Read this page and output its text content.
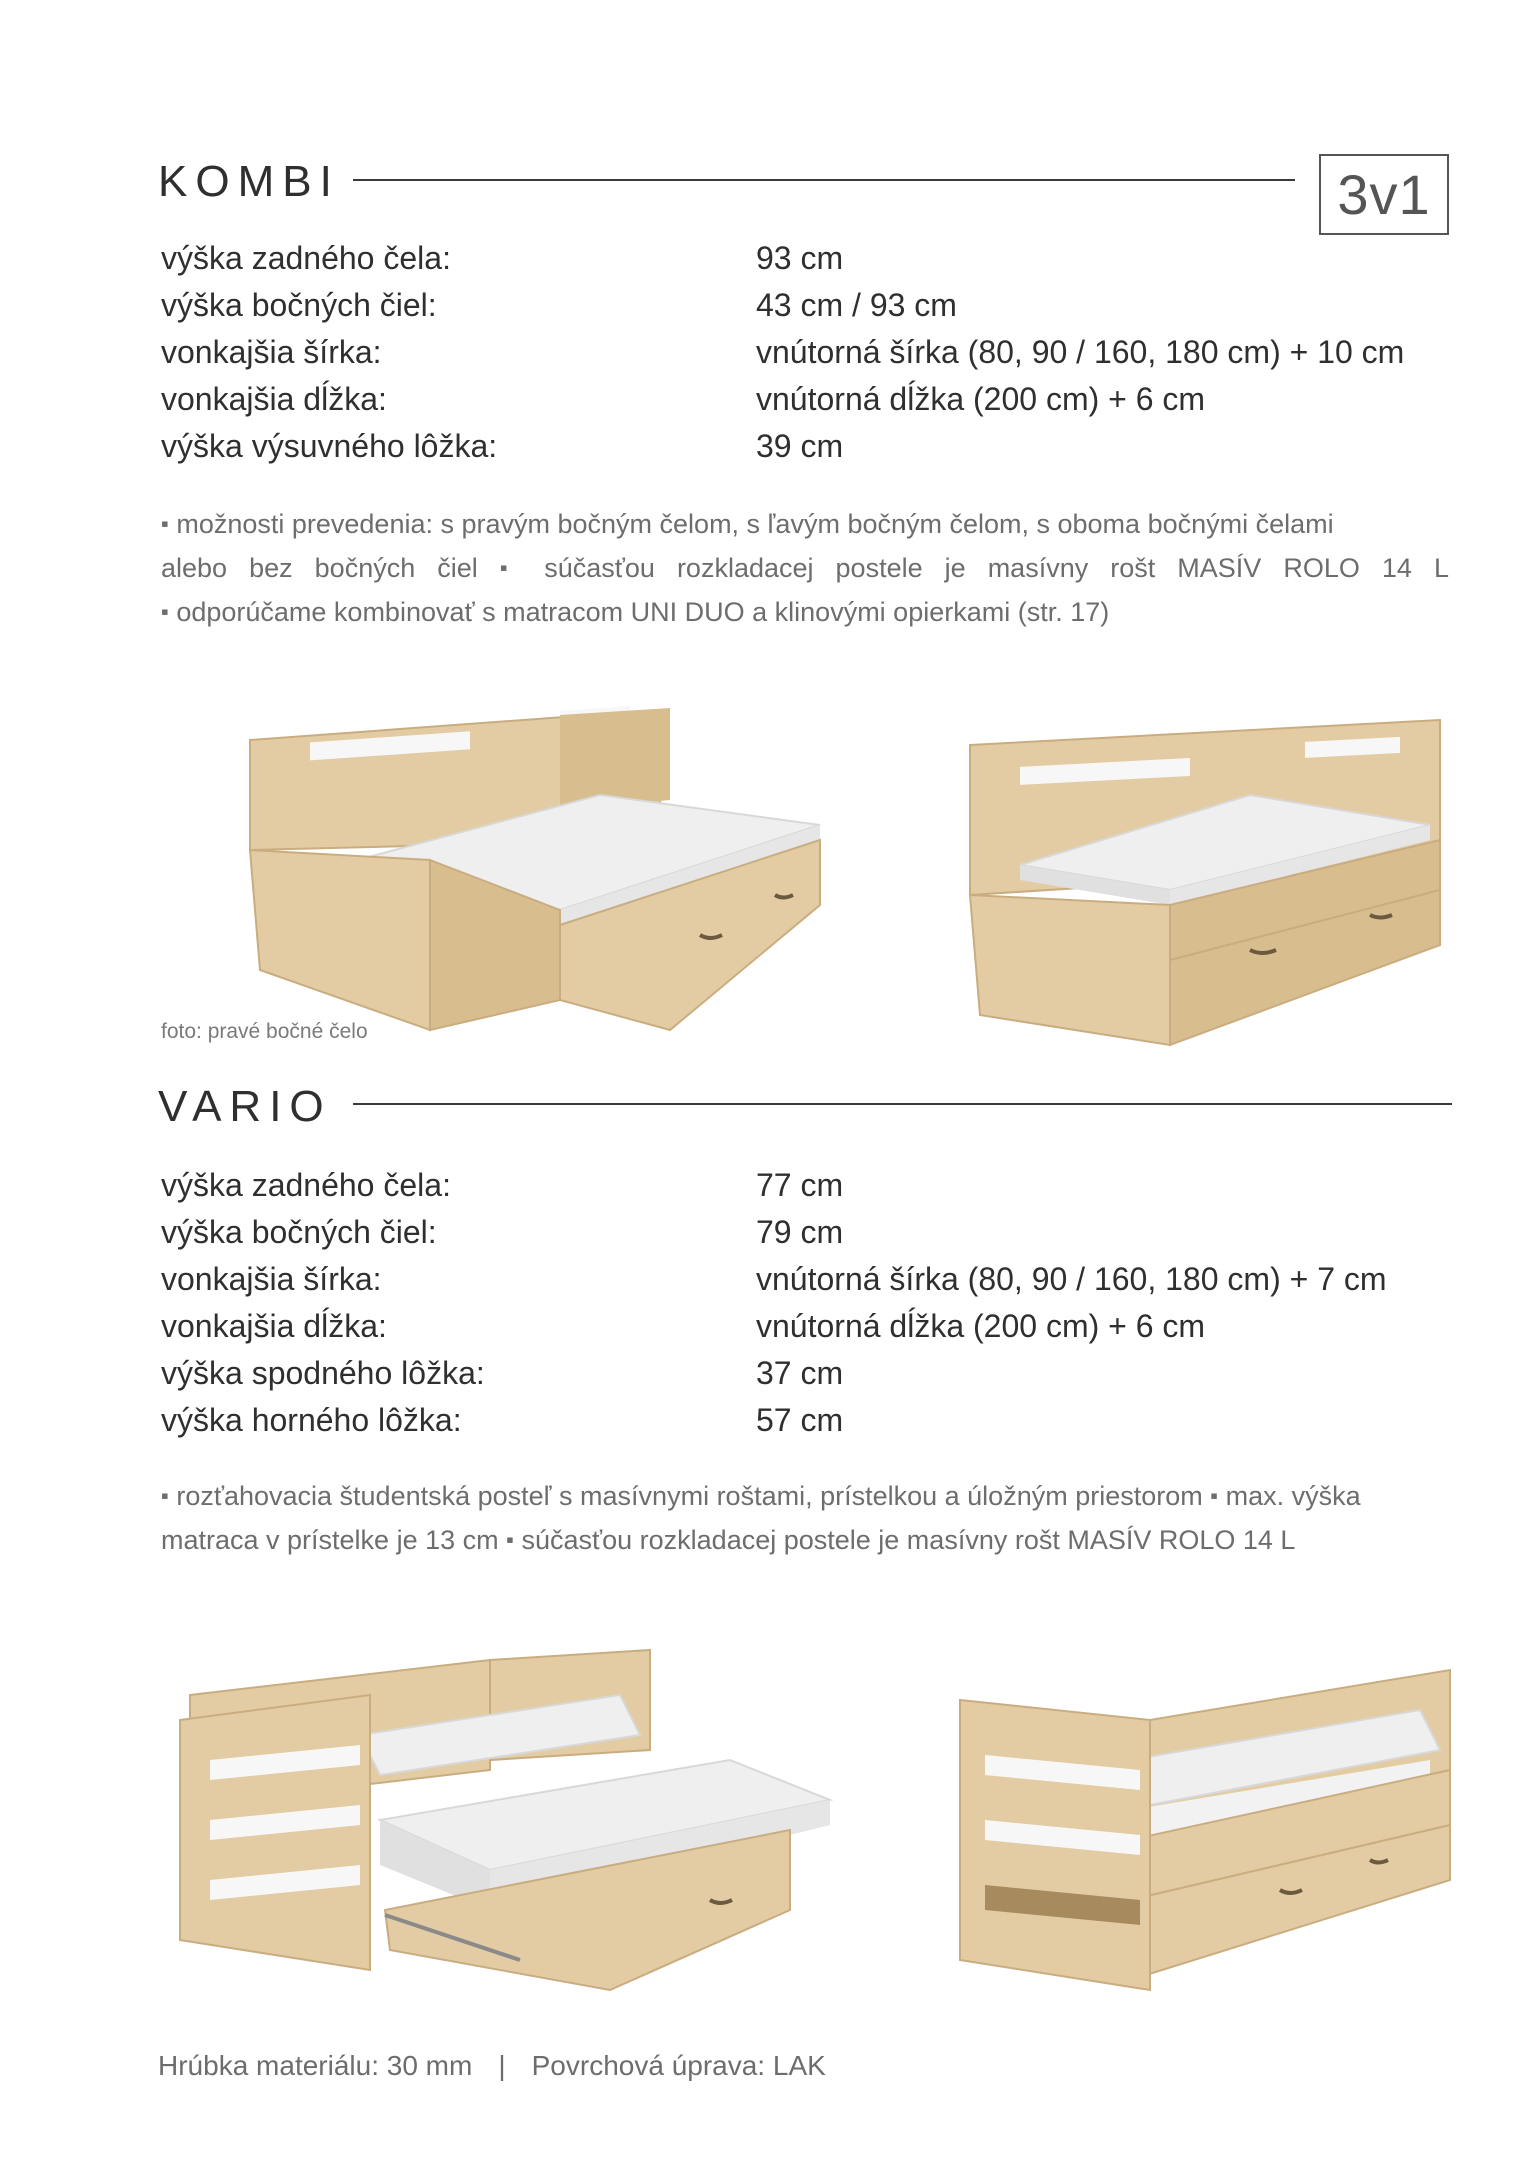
KOMBI	3v1
výška zadného čela:	93 cm
výška bočných čiel:	43 cm / 93 cm
vonkajšia šírka:	vnútorná šírka (80, 90 / 160, 180 cm) + 10 cm
vonkajšia dĺžka:	vnútorná dĺžka (200 cm) + 6 cm
výška výsuvného lôžka:	39 cm

▪ možnosti prevedenia: s pravým bočným čelom, s ľavým bočným čelom, s oboma bočnými čelami

alebo bez bočných čiel ▪ súčasťou rozkladacej postele je masívny rošt MASÍV ROLO 14 L

▪ odporúčame kombinovať s matracom UNI DUO a klinovými opierkami (str. 17)

foto: pravé bočné čelo
VARIO
výška zadného čela:	77 cm
výška bočných čiel:	79 cm
vonkajšia šírka:	vnútorná šírka (80, 90 / 160, 180 cm) + 7 cm
vonkajšia dĺžka:	vnútorná dĺžka (200 cm) + 6 cm
výška spodného lôžka:	37 cm
výška horného lôžka:	57 cm

▪ rozťahovacia študentská posteľ s masívnymi roštami, prístelkou a úložným priestorom ▪ max. výška

matraca v prístelke je 13 cm ▪ súčasťou rozkladacej postele je masívny rošt MASÍV ROLO 14 L

Hrúbka materiálu: 30 mm | Povrchová úprava: LAK
